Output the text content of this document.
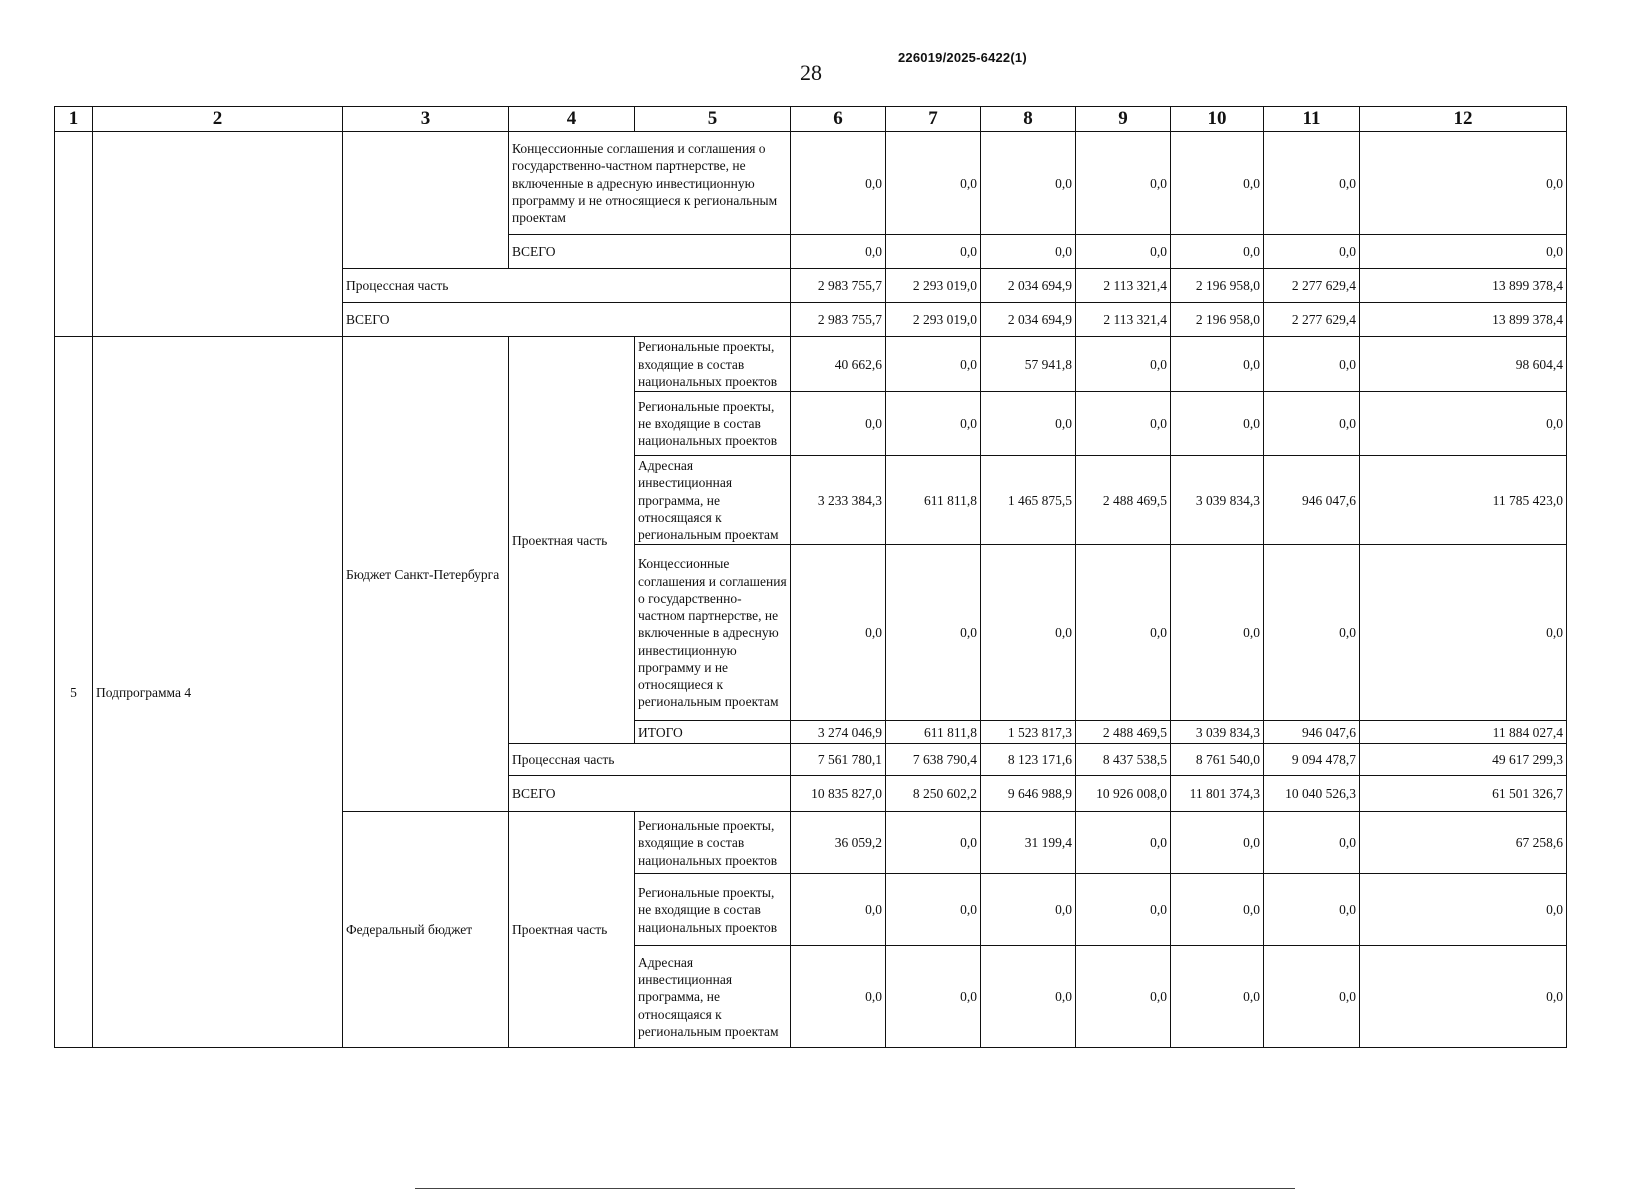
28
226019/2025-6422(1)
1	2	3	4	5	6	7	8	9	10	11	12
			Концессионные соглашения и соглашения о государственно-частном партнерстве, не включенные в адресную инвестиционную программу и не относящиеся к региональным проектам		0,0	0,0	0,0	0,0	0,0	0,0	0,0
			ВСЕГО		0,0	0,0	0,0	0,0	0,0	0,0	0,0
		Процессная часть			2 983 755,7	2 293 019,0	2 034 694,9	2 113 321,4	2 196 958,0	2 277 629,4	13 899 378,4
		ВСЕГО			2 983 755,7	2 293 019,0	2 034 694,9	2 113 321,4	2 196 958,0	2 277 629,4	13 899 378,4
5	Подпрограмма 4	Бюджет Санкт-Петербурга	Проектная часть	Региональные проекты, входящие в состав национальных проектов	40 662,6	0,0	57 941,8	0,0	0,0	0,0	98 604,4
				Региональные проекты, не входящие в состав национальных проектов	0,0	0,0	0,0	0,0	0,0	0,0	0,0
				Адресная инвестиционная программа, не относящаяся к региональным проектам	3 233 384,3	611 811,8	1 465 875,5	2 488 469,5	3 039 834,3	946 047,6	11 785 423,0
				Концессионные соглашения и соглашения о государственно-частном партнерстве, не включенные в адресную инвестиционную программу и не относящиеся к региональным проектам	0,0	0,0	0,0	0,0	0,0	0,0	0,0
				ИТОГО	3 274 046,9	611 811,8	1 523 817,3	2 488 469,5	3 039 834,3	946 047,6	11 884 027,4
			Процессная часть		7 561 780,1	7 638 790,4	8 123 171,6	8 437 538,5	8 761 540,0	9 094 478,7	49 617 299,3
			ВСЕГО		10 835 827,0	8 250 602,2	9 646 988,9	10 926 008,0	11 801 374,3	10 040 526,3	61 501 326,7
		Федеральный бюджет	Проектная часть	Региональные проекты, входящие в состав национальных проектов	36 059,2	0,0	31 199,4	0,0	0,0	0,0	67 258,6
				Региональные проекты, не входящие в состав национальных проектов	0,0	0,0	0,0	0,0	0,0	0,0	0,0
				Адресная инвестиционная программа, не относящаяся к региональным проектам	0,0	0,0	0,0	0,0	0,0	0,0	0,0
